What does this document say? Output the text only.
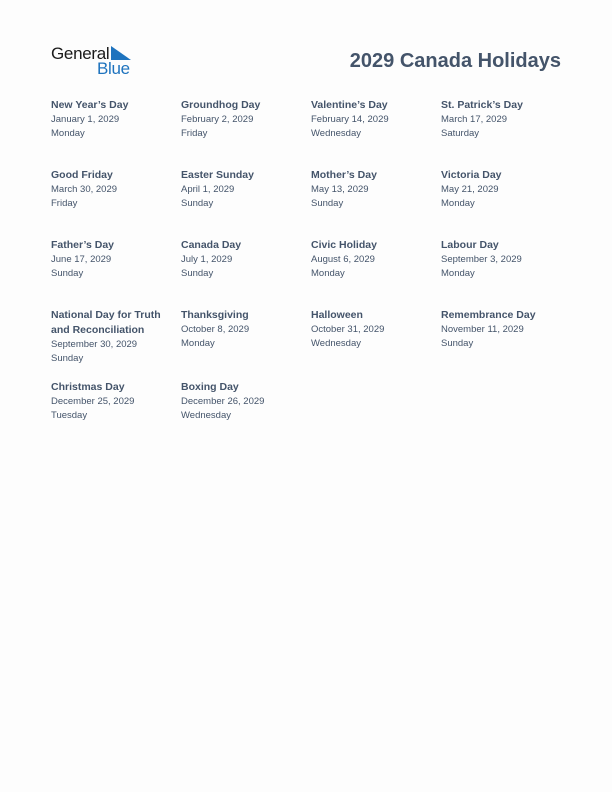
General
Blue	2029 Canada Holidays
New Year’s Day
January 1, 2029
Monday
Groundhog Day
February 2, 2029
Friday
Valentine’s Day
February 14, 2029
Wednesday
St. Patrick’s Day
March 17, 2029
Saturday
Good Friday
March 30, 2029
Friday
Easter Sunday
April 1, 2029
Sunday
Mother’s Day
May 13, 2029
Sunday
Victoria Day
May 21, 2029
Monday
Father’s Day
June 17, 2029
Sunday
Canada Day
July 1, 2029
Sunday
Civic Holiday
August 6, 2029
Monday
Labour Day
September 3, 2029
Monday
National Day for Truth and Reconciliation
September 30, 2029
Sunday
Thanksgiving
October 8, 2029
Monday
Halloween
October 31, 2029
Wednesday
Remembrance Day
November 11, 2029
Sunday
Christmas Day
December 25, 2029
Tuesday
Boxing Day
December 26, 2029
Wednesday
